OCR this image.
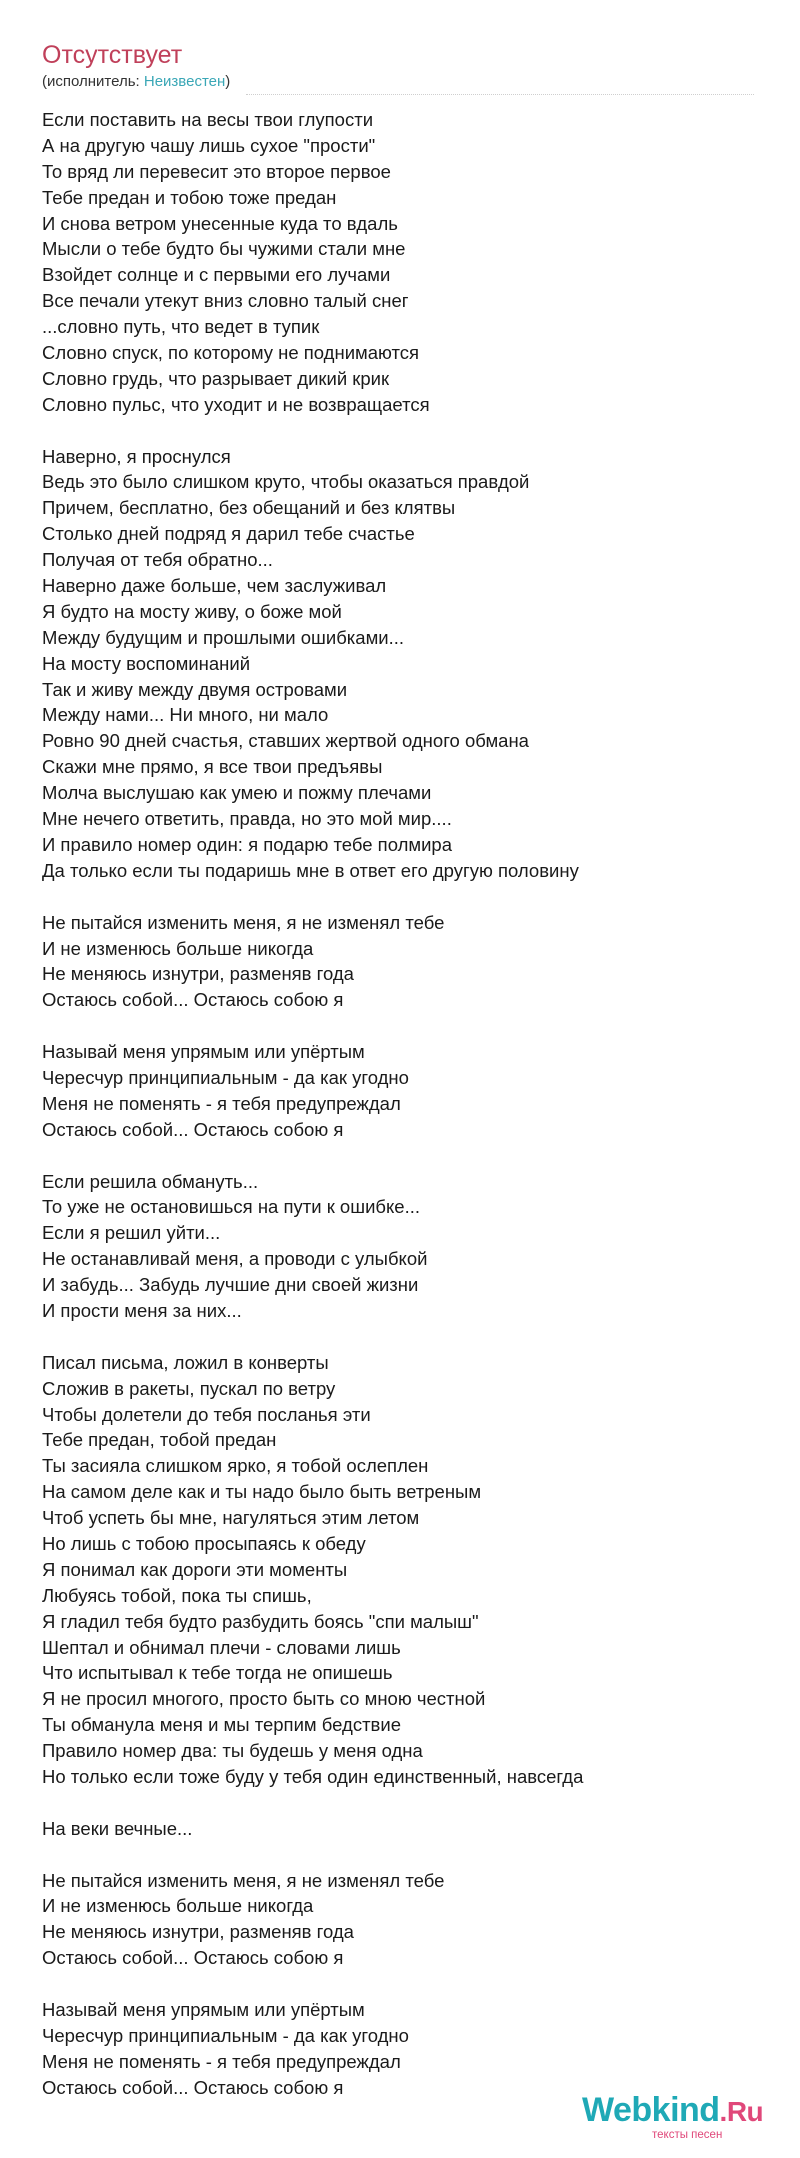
Отсутствует
(исполнитель: Неизвестен)
Если поставить на весы твои глупости
А на другую чашу лишь сухое "прости"
То вряд ли перевесит это второе первое
Тебе предан и тобою тоже предан
И снова ветром унесенные куда то вдаль
Мысли о тебе будто бы чужими стали мне
Взойдет солнце и с первыми его лучами
Все печали утекут вниз словно талый снег
...словно путь, что ведет в тупик
Словно спуск, по которому не поднимаются
Словно грудь, что разрывает дикий крик
Словно пульс, что уходит и не возвращается
Наверно, я проснулся
Ведь это было слишком круто, чтобы оказаться правдой
Причем, бесплатно, без обещаний и без клятвы
Столько дней подряд я дарил тебе счастье
Получая от тебя обратно...
Наверно даже больше, чем заслуживал
Я будто на мосту живу, о боже мой
Между будущим и прошлыми ошибками...
На мосту воспоминаний
Так и живу между двумя островами
Между нами... Ни много, ни мало
Ровно 90 дней счастья, ставших жертвой одного обмана
Скажи мне прямо, я все твои предъявы
Молча выслушаю как умею и пожму плечами
Мне нечего ответить, правда, но это мой мир....
И правило номер один: я подарю тебе полмира
Да только если ты подаришь мне в ответ его другую половину
Не пытайся изменить меня, я не изменял тебе
И не изменюсь больше никогда
Не меняюсь изнутри, разменяв года
Остаюсь собой... Остаюсь собою я
Называй меня упрямым или упёртым
Чересчур принципиальным - да как угодно
Меня не поменять - я тебя предупреждал
Остаюсь собой... Остаюсь собою я
Если решила обмануть...
То уже не остановишься на пути к ошибке...
Если я решил уйти...
Не останавливай меня, а проводи с улыбкой
И забудь... Забудь лучшие дни своей жизни
И прости меня за них...
Писал письма, ложил в конверты
Сложив в ракеты, пускал по ветру
Чтобы долетели до тебя посланья эти
Тебе предан, тобой предан
Ты засияла слишком ярко, я тобой ослеплен
На самом деле как и ты надо было быть ветреным
Чтоб успеть бы мне, нагуляться этим летом
Но лишь с тобою просыпаясь к обеду
Я понимал как дороги эти моменты
Любуясь тобой, пока ты спишь,
Я гладил тебя будто разбудить боясь "спи малыш"
Шептал и обнимал плечи - словами лишь
Что испытывал к тебе тогда не опишешь
Я не просил многого, просто быть со мною честной
Ты обманула меня и мы терпим бедствие
Правило номер два: ты будешь у меня одна
Но только если тоже буду у тебя один единственный, навсегда
На веки вечные...
Не пытайся изменить меня, я не изменял тебе
И не изменюсь больше никогда
Не меняюсь изнутри, разменяв года
Остаюсь собой... Остаюсь собою я
Называй меня упрямым или упёртым
Чересчур принципиальным - да как угодно
Меня не поменять - я тебя предупреждал
Остаюсь собой... Остаюсь собою я
Webkind.Ru
тексты песен
